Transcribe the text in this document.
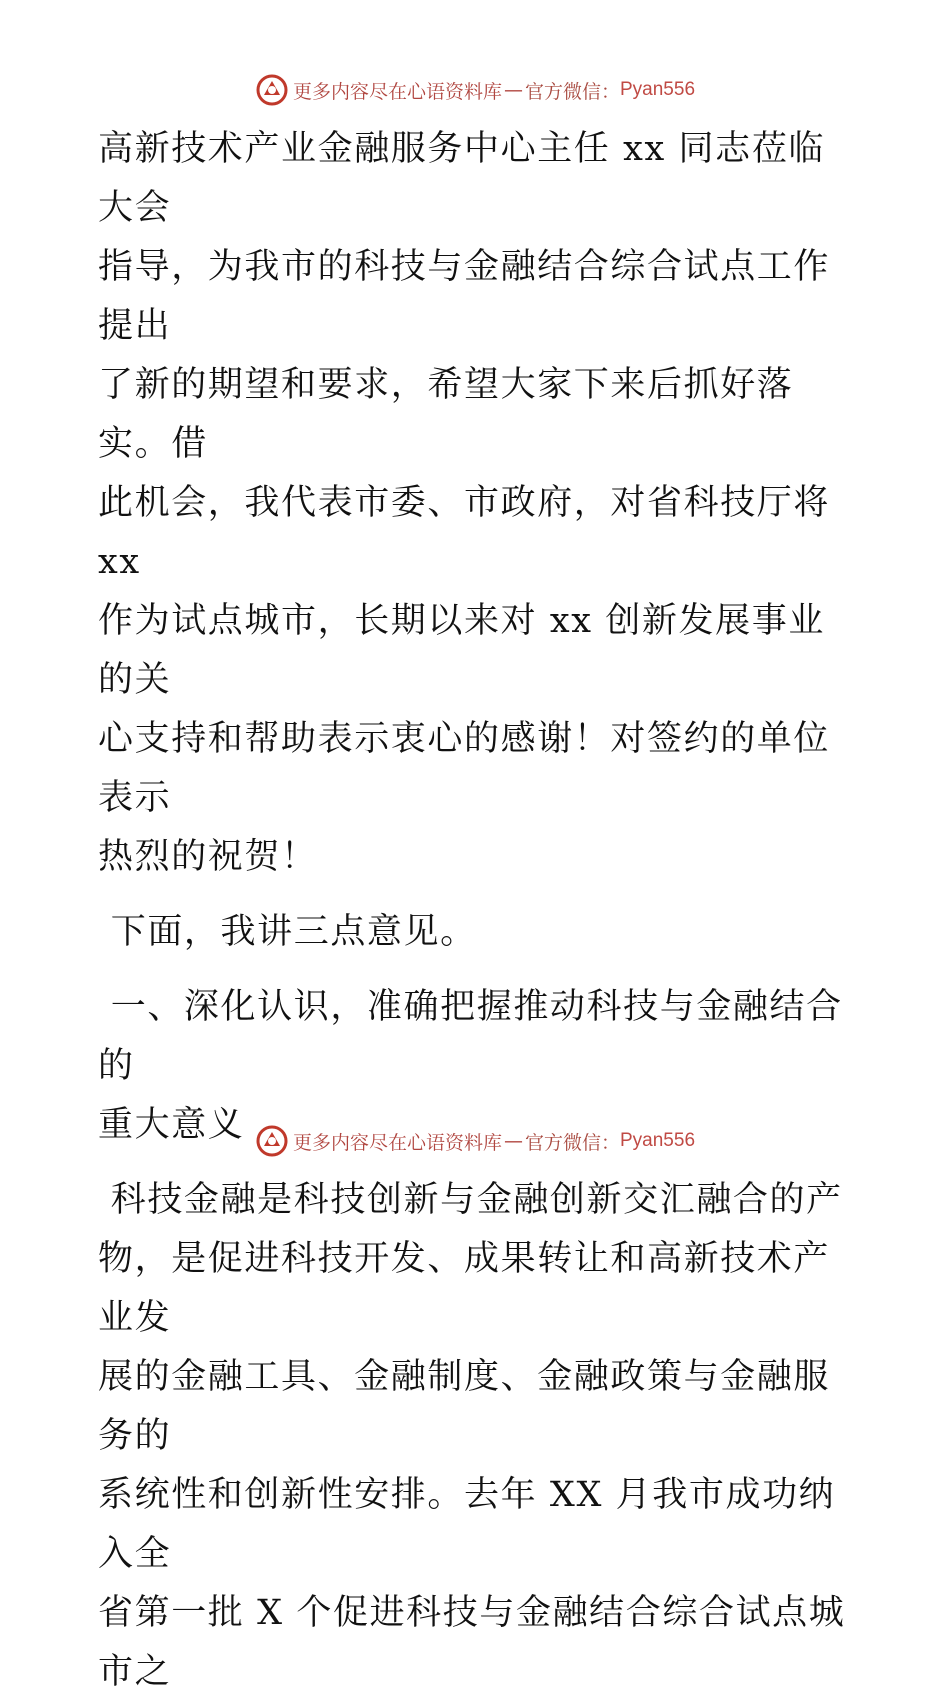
更多内容尽在心语资料库 — 官方微信： Pyan556

高新技术产业金融服务中心主任 xx 同志莅临大会
指导，为我市的科技与金融结合综合试点工作提出
了新的期望和要求，希望大家下来后抓好落实。借
此机会，我代表市委、市政府，对省科技厅将 xx
作为试点城市，长期以来对 xx 创新发展事业的关
心支持和帮助表示衷心的感谢！对签约的单位表示
热烈的祝贺！

下面，我讲三点意见。

一、深化认识，准确把握推动科技与金融结合的
重大意义

科技金融是科技创新与金融创新交汇融合的产
物，是促进科技开发、成果转让和高新技术产业发
展的金融工具、金融制度、金融政策与金融服务的
系统性和创新性安排。去年 XX 月我市成功纳入全
省第一批 X 个促进科技与金融结合综合试点城市之

更多内容尽在心语资料库 — 官方微信： Pyan556
